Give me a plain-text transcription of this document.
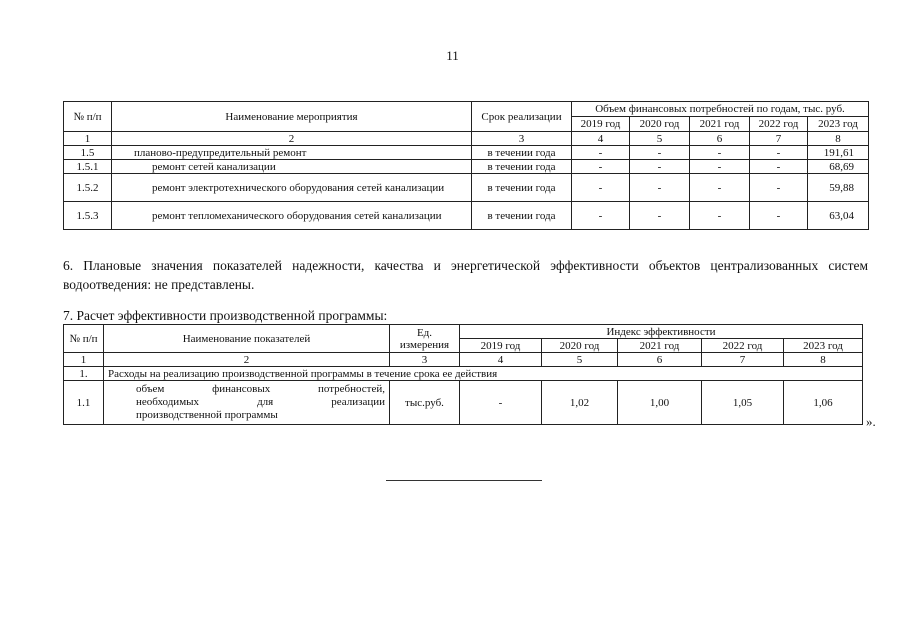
11
№ п/п	Наименование мероприятия	Срок реализации	Объем финансовых потребностей по годам, тыс. руб.				
			2019 год	2020 год	2021 год	2022 год	2023 год
1	2	3	4	5	6	7	8
1.5	планово-предупредительный ремонт	в течении года	-	-	-	-	191,61
1.5.1	ремонт сетей канализации	в течении года	-	-	-	-	68,69
1.5.2	ремонт электротехнического оборудования сетей канализации	в течении года	-	-	-	-	59,88
1.5.3	ремонт тепломеханического оборудования сетей канализации	в течении года	-	-	-	-	63,04
6. Плановые значения показателей надежности, качества и энергетической эффективности объектов централизованных систем водоотведения: не представлены.
7. Расчет эффективности производственной программы:
№ п/п	Наименование показателей	Ед. измерения	Индекс эффективности				
			2019 год	2020 год	2021 год	2022 год	2023 год
1	2	3	4	5	6	7	8
1.	Расходы на реализацию производственной программы в течение срока ее действия						
1.1	объем финансовых потребностей,
необходимых для реализации
производственной программы	тыс.руб.	-	1,02	1,00	1,05	1,06
».
